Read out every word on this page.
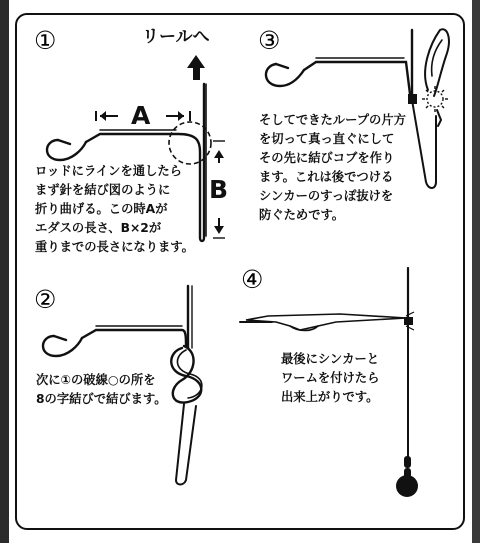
①	③
②
④
リールへ
A
B
ロッドにラインを通したら
まず針を結び図のように
折り曲げる。この時Aが
エダスの長さ、B×2が
重りまでの長さになります。
そしてできたループの片方
を切って真っ直ぐにして
その先に結びコブを作り
ます。これは後でつける
シンカーのすっぽ抜けを
防ぐためです。
次に①の破線○の所を
8の字結びで結びます。
最後にシンカーと
ワームを付けたら
出来上がりです。
